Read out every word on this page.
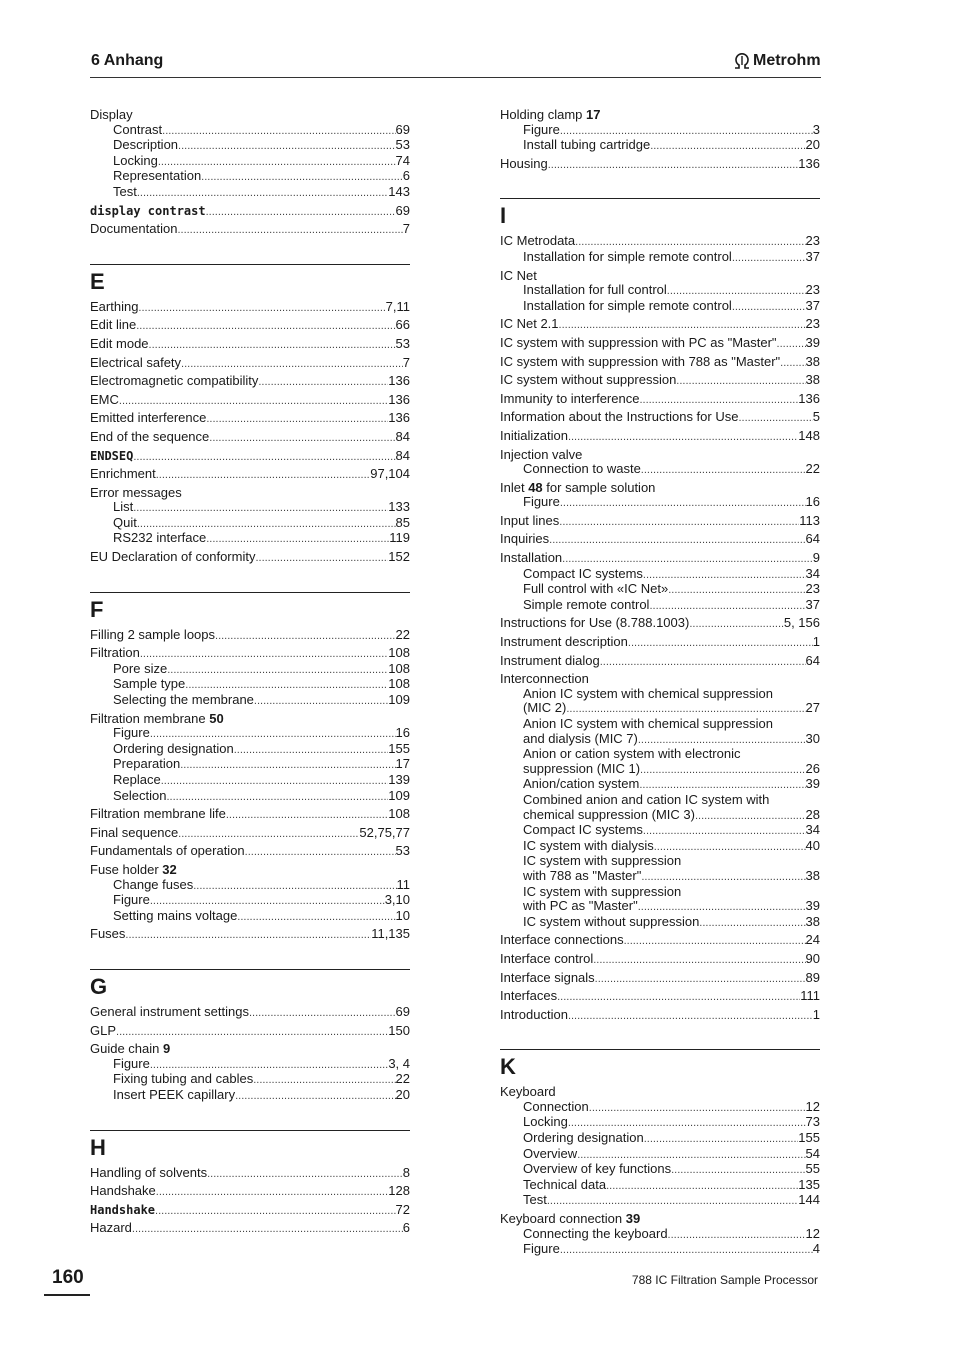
6 Anhang	Metrohm
Display
Contrast .....	69
Description .....	53
Locking .....	74
Representation .....	6
Test .....	143
display contrast .....	69
Documentation .....	7
E
Earthing .....	7,11
Edit line .....	66
Edit mode .....	53
Electrical safety .....	7
Electromagnetic compatibility .....	136
EMC .....	136
Emitted interference .....	136
End of the sequence .....	84
ENDSEQ .....	84
Enrichment .....	97,104
Error messages
List .....	133
Quit .....	85
RS232 interface .....	119
EU Declaration of conformity .....	152
F
Filling 2 sample loops .....	22
Filtration .....	108
Pore size .....	108
Sample type .....	108
Selecting the membrane .....	109
Filtration membrane 50
Figure .....	16
Ordering designation .....	155
Preparation .....	17
Replace .....	139
Selection .....	109
Filtration membrane life .....	108
Final sequence .....	52,75,77
Fundamentals of operation .....	53
Fuse holder 32
Change fuses .....	11
Figure .....	3,10
Setting mains voltage .....	10
Fuses .....	11,135
G
General instrument settings .....	69
GLP .....	150
Guide chain 9
Figure .....	3, 4
Fixing tubing and cables .....	22
Insert PEEK capillary .....	20
H
Handling of solvents .....	8
Handshake .....	128
Handshake .....	72
Hazard .....	6
Holding clamp 17
Figure .....	3
Install tubing cartridge .....	20
Housing .....	136
I
IC Metrodata .....	23
Installation for simple remote control .....	37
IC Net
Installation for full control .....	23
Installation for simple remote control .....	37
IC Net 2.1 .....	23
IC system with suppression with PC as "Master" ..... 39
IC system with suppression with 788 as "Master" ..... 38
IC system without suppression .....	38
Immunity to interference .....	136
Information about the Instructions for Use .....	5
Initialization .....	148
Injection valve
Connection to waste .....	22
Inlet 48 for sample solution
Figure .....	16
Input lines .....	113
Inquiries .....	64
Installation .....	9
Compact IC systems .....	34
Full control with «IC Net» .....	23
Simple remote control .....	37
Instructions for Use (8.788.1003) .....	5, 156
Instrument description .....	1
Instrument dialog .....	64
Interconnection
Anion IC system with chemical suppression
(MIC 2) .....	27
Anion IC system with chemical suppression
and dialysis (MIC 7) .....	30
Anion or cation system with electronic
suppression (MIC 1) .....	26
Anion/cation system .....	39
Combined anion and cation IC system with
chemical suppression (MIC 3) .....	28
Compact IC systems .....	34
IC system with dialysis .....	40
IC system with suppression
with 788 as "Master" .....	38
IC system with suppression
with PC as "Master" .....	39
IC system without suppression .....	38
Interface connections .....	24
Interface control .....	90
Interface signals .....	89
Interfaces .....	111
Introduction .....	1
K
Keyboard
Connection .....	12
Locking .....	73
Ordering designation .....	155
Overview .....	54
Overview of key functions .....	55
Technical data .....	135
Test .....	144
Keyboard connection 39
Connecting the keyboard .....	12
Figure .....	4
160	788 IC Filtration Sample Processor
